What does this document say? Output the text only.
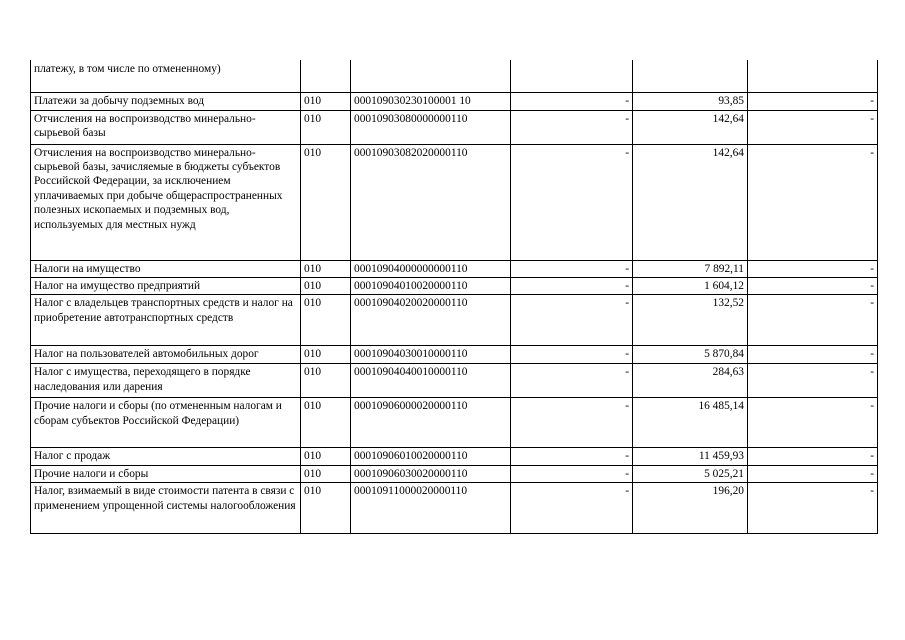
платежу, в том числе по отмененному)					
Платежи за добычу подземных вод	010	000109030230100001 10	-	93,85	-
Отчисления на воспроизводство минерально-сырьевой базы	010	00010903080000000110	-	142,64	-
Отчисления на воспроизводство минерально-сырьевой базы, зачисляемые в бюджеты субъектов Российской Федерации, за исключением уплачиваемых при добыче общераспространенных полезных ископаемых и подземных вод, используемых для местных нужд	010	00010903082020000110	-	142,64	-
Налоги на имущество	010	00010904000000000110	-	7 892,11	-
Налог на имущество предприятий	010	00010904010020000110	-	1 604,12	-
Налог с владельцев транспортных средств и налог на приобретение автотранспортных средств	010	00010904020020000110	-	132,52	-
Налог на пользователей автомобильных дорог	010	00010904030010000110	-	5 870,84	-
Налог с имущества, переходящего в порядке наследования или дарения	010	00010904040010000110	-	284,63	-
Прочие налоги и сборы (по отмененным налогам и сборам субъектов Российской Федерации)	010	00010906000020000110	-	16 485,14	-
Налог с продаж	010	00010906010020000110	-	11 459,93	-
Прочие налоги и сборы	010	00010906030020000110	-	5 025,21	-
Налог, взимаемый в виде стоимости патента в связи с применением упрощенной системы налогообложения	010	00010911000020000110	-	196,20	-
